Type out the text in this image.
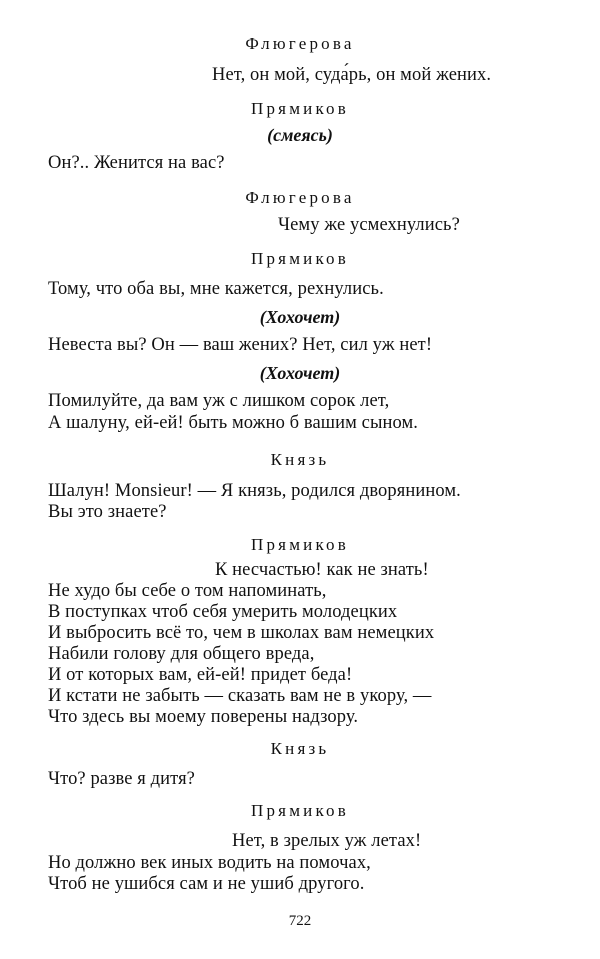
Флюгерова
Нет, он мой, суда́рь, он мой жених.
Прямиков
(смеясь)
Он?.. Женится на вас?
Флюгерова
Чему же усмехнулись?
Прямиков
Тому, что оба вы, мне кажется, рехнулись.
(Хохочет)
Невеста вы? Он — ваш жених? Нет, сил уж нет!
(Хохочет)
Помилуйте, да вам уж с лишком сорок лет,
А шалуну, ей-ей! быть можно б вашим сыном.
Князь
Шалун! Monsieur! — Я князь, родился дворянином.
Вы это знаете?
Прямиков
К несчастью! как не знать!
Не худо бы себе о том напоминать,
В поступках чтоб себя умерить молодецких
И выбросить всё то, чем в школах вам немецких
Набили голову для общего вреда,
И от которых вам, ей-ей! придет беда!
И кстати не забыть — сказать вам не в укору, —
Что здесь вы моему поверены надзору.
Князь
Что? разве я дитя?
Прямиков
Нет, в зрелых уж летах!
Но должно век иных водить на помочах,
Чтоб не ушибся сам и не ушиб другого.
722
